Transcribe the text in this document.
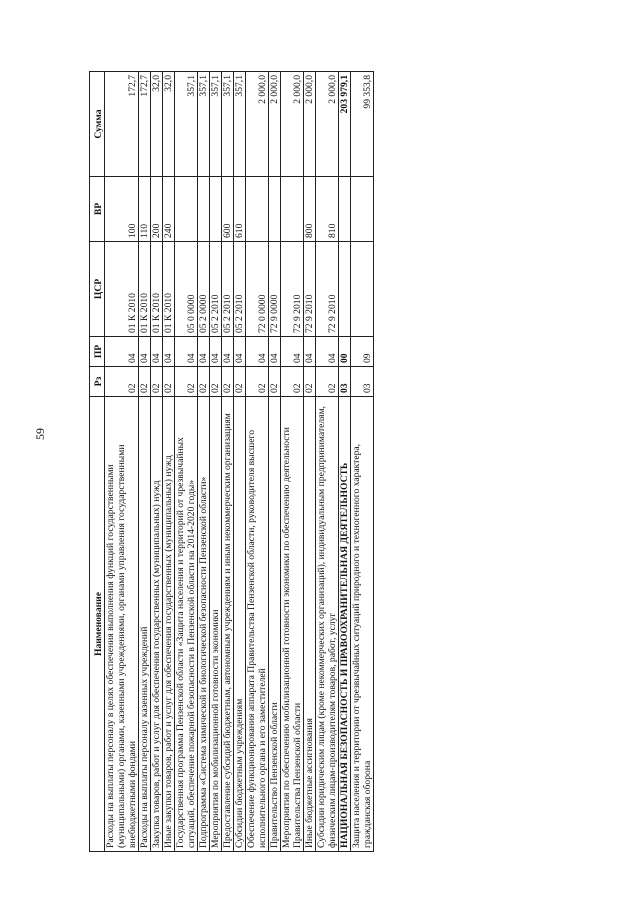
59
Наименование	Рз	ПР	ЦСР	ВР	Сумма
Расходы на выплаты персоналу в целях обеспечения выполнения функций государственными (муниципальными) органами, казенными учреждениями, органами управления государственными внебюджетными фондами	02	04	01 К 2010	100	172,7
Расходы на выплаты персоналу казенных учреждений	02	04	01 К 2010	110	172,7
Закупка товаров, работ и услуг для обеспечения государственных (муниципальных) нужд	02	04	01 К 2010	200	32,0
Иные закупки товаров, работ и услуг для обеспечения государственных (муниципальных) нужд	02	04	01 К 2010	240	32,0
Государственная программа Пензенской области «Защита населения и территорий от чрезвычайных ситуаций, обеспечение пожарной безопасности в Пензенской области на 2014-2020 годы»	02	04	05 0 0000		357,1
Подпрограмма «Система химической и биологической безопасности Пензенской области»	02	04	05 2 0000		357,1
Мероприятия по мобилизационной готовности экономики	02	04	05 2 2010		357,1
Предоставление субсидий бюджетным, автономным учреждениям и иным некоммерческим организациям	02	04	05 2 2010	600	357,1
Субсидии бюджетным учреждениям	02	04	05 2 2010	610	357,1
Обеспечение функционирования аппарата Правительства Пензенской области, руководителя высшего исполнительного органа и его заместителей	02	04	72 0 0000		2 000,0
Правительство Пензенской области	02	04	72 9 0000		2 000,0
Мероприятия по обеспечению мобилизационной готовности экономики по обеспечению деятельности Правительства Пензенской области	02	04	72 9 2010		2 000,0
Иные бюджетные ассигнования	02	04	72 9 2010	800	2 000,0
Субсидии юридическим лицам (кроме некоммерческих организаций), индивидуальным предпринимателям, физическим лицам-производителям товаров, работ, услуг	02	04	72 9 2010	810	2 000,0
НАЦИОНАЛЬНАЯ БЕЗОПАСНОСТЬ И ПРАВООХРАНИТЕЛЬНАЯ ДЕЯТЕЛЬНОСТЬ	03	00			203 979,1
Защита населения и территории от чрезвычайных ситуаций природного и техногенного характера, гражданская оборона	03	09			99 353,8
